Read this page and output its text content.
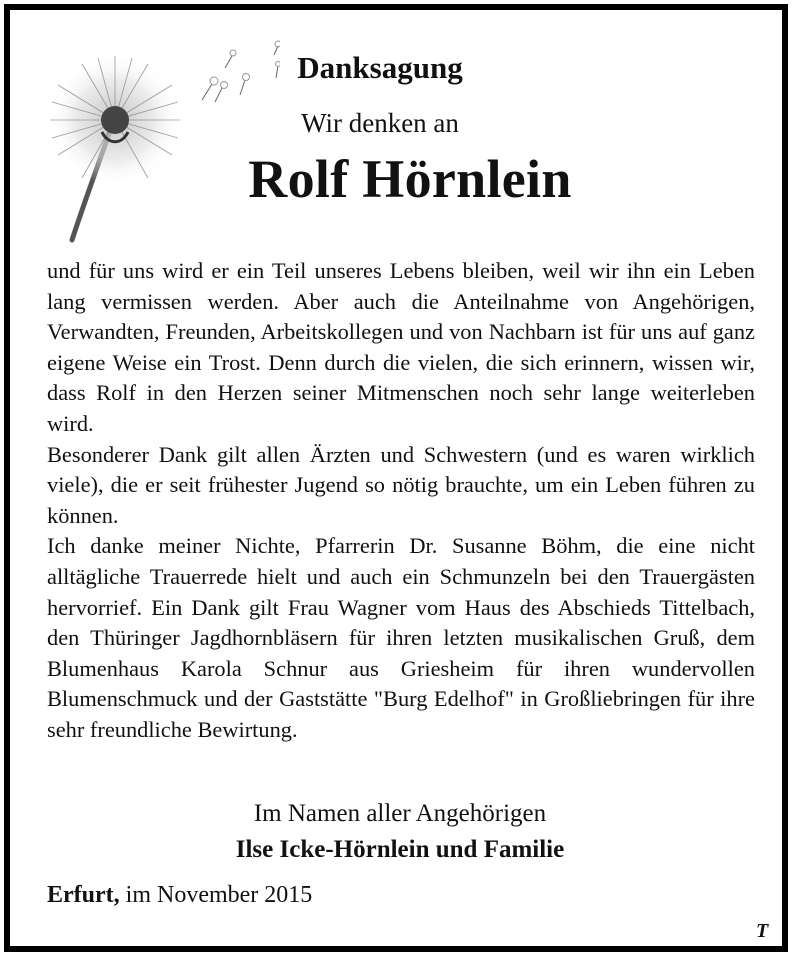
Danksagung

Wir denken an

Rolf Hörnlein

und für uns wird er ein Teil unseres Lebens bleiben, weil wir ihn ein Leben lang vermissen werden. Aber auch die Anteilnahme von Angehörigen, Verwandten, Freunden, Arbeitskollegen und von Nachbarn ist für uns auf ganz eigene Weise ein Trost. Denn durch die vielen, die sich erinnern, wissen wir, dass Rolf in den Herzen seiner Mitmenschen noch sehr lange weiterleben wird.

Besonderer Dank gilt allen Ärzten und Schwestern (und es waren wirklich viele), die er seit frühester Jugend so nötig brauchte, um ein Leben führen zu können.

Ich danke meiner Nichte, Pfarrerin Dr. Susanne Böhm, die eine nicht alltägliche Trauerrede hielt und auch ein Schmunzeln bei den Trauergästen hervorrief. Ein Dank gilt Frau Wagner vom Haus des Abschieds Tittelbach, den Thüringer Jagdhornbläsern für ihren letzten musikalischen Gruß, dem Blumenhaus Karola Schnur aus Griesheim für ihren wundervollen Blumenschmuck und der Gaststätte "Burg Edelhof" in Großliebringen für ihre sehr freundliche Bewirtung.

Im Namen aller Angehörigen

Ilse Icke-Hörnlein und Familie

Erfurt, im November 2015

T
